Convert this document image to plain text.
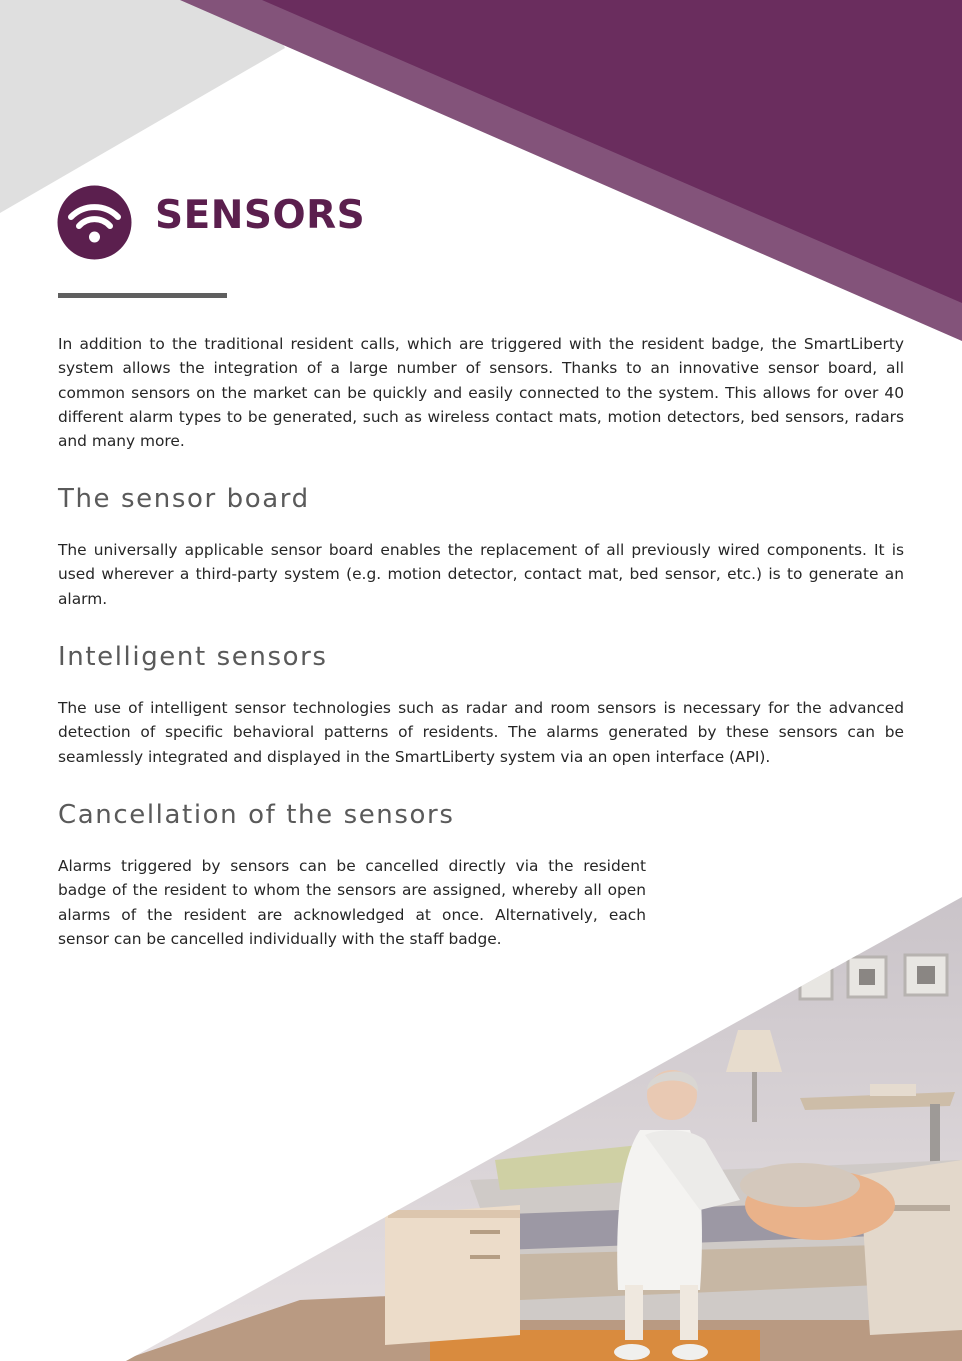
SENSORS

In addition to the traditional resident calls, which are triggered with the resident badge, the SmartLiberty system allows the integration of a large number of sensors. Thanks to an innovative sensor board, all common sensors on the market can be quickly and easily connected to the system. This allows for over 40 different alarm types to be generated, such as wireless contact mats, motion detectors, bed sensors, radars and many more.

The sensor board

The universally applicable sensor board enables the replacement of all previously wired components. It is used wherever a third-party system (e.g. motion detector, contact mat, bed sensor, etc.) is to generate an alarm.

Intelligent sensors

The use of intelligent sensor technologies such as radar and room sensors is necessary for the advanced detection of specific behavioral patterns of residents. The alarms generated by these sensors can be seamlessly integrated and displayed in the SmartLiberty system via an open interface (API).

Cancellation of the sensors

Alarms triggered by sensors can be cancelled directly via the resident badge of the resident to whom the sensors are assigned, whereby all open alarms of the resident are acknowledged at once. Alternatively, each sensor can be cancelled individually with the staff badge.
